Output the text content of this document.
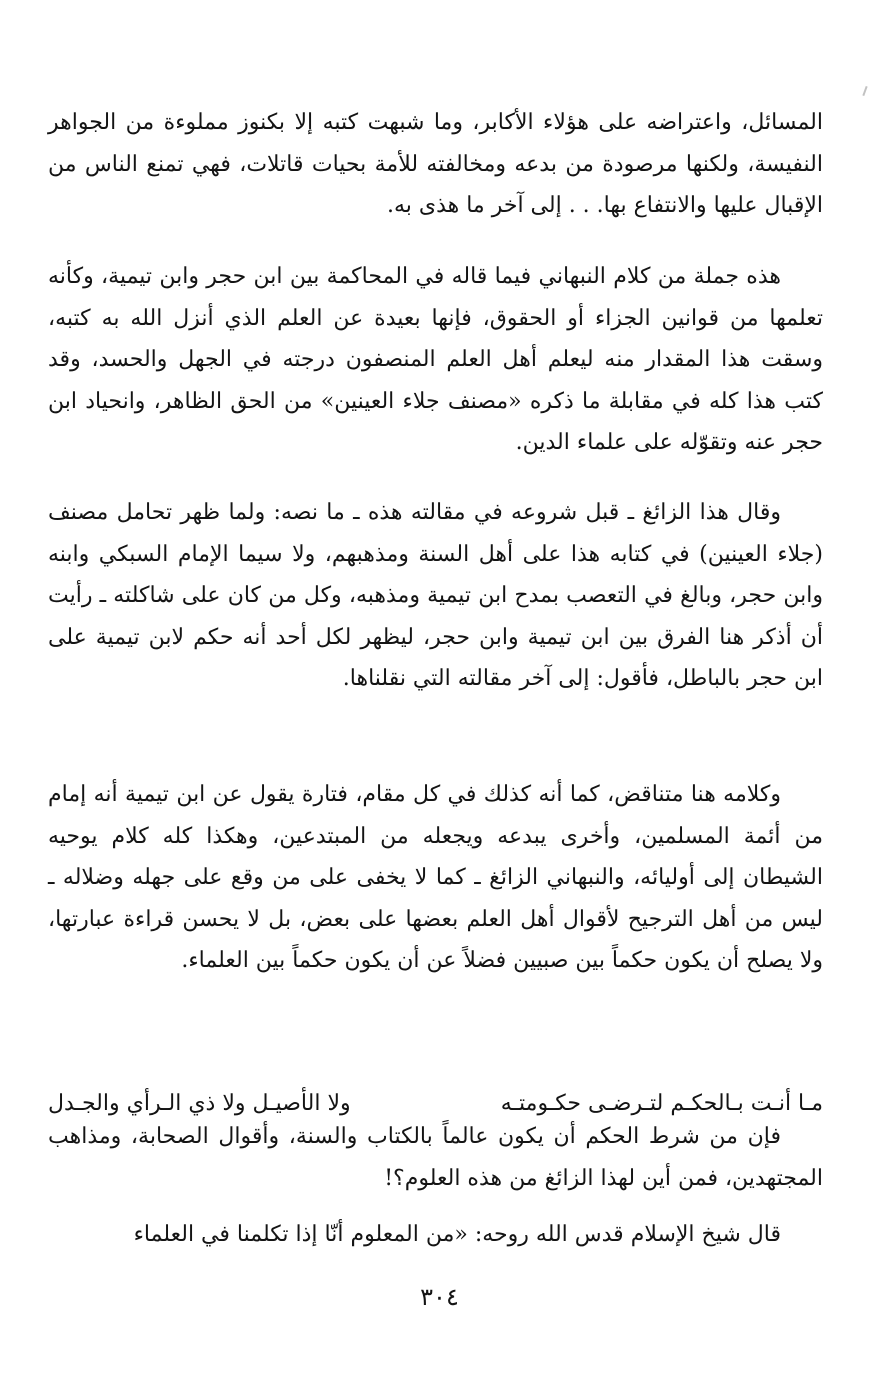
المسائل، واعتراضه على هؤلاء الأكابر، وما شبهت كتبه إلا بكنوز مملوءة من الجواهر النفيسة، ولكنها مرصودة من بدعه ومخالفته للأمة بحيات قاتلات، فهي تمنع الناس من الإقبال عليها والانتفاع بها. . . إلى آخر ما هذى به.

هذه جملة من كلام النبهاني فيما قاله في المحاكمة بين ابن حجر وابن تيمية، وكأنه تعلمها من قوانين الجزاء أو الحقوق، فإنها بعيدة عن العلم الذي أنزل الله به كتبه، وسقت هذا المقدار منه ليعلم أهل العلم المنصفون درجته في الجهل والحسد، وقد كتب هذا كله في مقابلة ما ذكره «مصنف جلاء العينين» من الحق الظاهر، وانحياد ابن حجر عنه وتقوّله على علماء الدين.

وقال هذا الزائغ ـ قبل شروعه في مقالته هذه ـ ما نصه: ولما ظهر تحامل مصنف (جلاء العينين) في كتابه هذا على أهل السنة ومذهبهم، ولا سيما الإمام السبكي وابنه وابن حجر، وبالغ في التعصب بمدح ابن تيمية ومذهبه، وكل من كان على شاكلته ـ رأيت أن أذكر هنا الفرق بين ابن تيمية وابن حجر، ليظهر لكل أحد أنه حكم لابن تيمية على ابن حجر بالباطل، فأقول: إلى آخر مقالته التي نقلناها.

وكلامه هنا متناقض، كما أنه كذلك في كل مقام، فتارة يقول عن ابن تيمية أنه إمام من أئمة المسلمين، وأخرى يبدعه ويجعله من المبتدعين، وهكذا كله كلام يوحيه الشيطان إلى أوليائه، والنبهاني الزائغ ـ كما لا يخفى على من وقع على جهله وضلاله ـ ليس من أهل الترجيح لأقوال أهل العلم بعضها على بعض، بل لا يحسن قراءة عبارتها، ولا يصلح أن يكون حكماً بين صبيين فضلاً عن أن يكون حكماً بين العلماء.

مـا أنـت بـالحكـم لتـرضـى حكـومتـه
ولا الأصيـل ولا ذي الـرأي والجـدل

فإن من شرط الحكم أن يكون عالماً بالكتاب والسنة، وأقوال الصحابة، ومذاهب المجتهدين، فمن أين لهذا الزائغ من هذه العلوم؟!

قال شيخ الإسلام قدس الله روحه: «من المعلوم أنّا إذا تكلمنا في العلماء

٣٠٤
